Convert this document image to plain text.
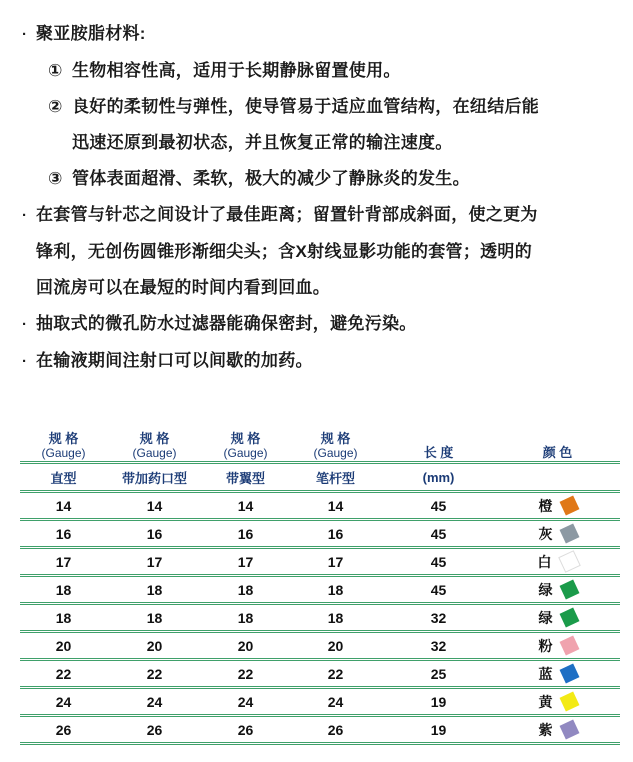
· 聚亚胺脂材料:
① 生物相容性高，适用于长期静脉留置使用。
② 良好的柔韧性与弹性，使导管易于适应血管结构，在纽结后能
迅速还原到最初状态，并且恢复正常的输注速度。
③ 管体表面超滑、柔软，极大的减少了静脉炎的发生。
· 在套管与针芯之间设计了最佳距离；留置针背部成斜面，使之更为
锋利，无创伤圆锥形渐细尖头；含X射线显影功能的套管；透明的
回流房可以在最短的时间内看到回血。
· 抽取式的微孔防水过滤器能确保密封，避免污染。
· 在输液期间注射口可以间歇的加药。
规 格
(Gauge)	规 格
(Gauge)	规 格
(Gauge)	规 格
(Gauge)	长 度	颜 色

直型	带加药口型	带翼型	笔杆型	(mm)	
14	14	14	14	45	橙

16	16	16	16	45	灰

17	17	17	17	45	白

18	18	18	18	45	绿

18	18	18	18	32	绿

20	20	20	20	32	粉

22	22	22	22	25	蓝

24	24	24	24	19	黄

26	26	26	26	19	紫
